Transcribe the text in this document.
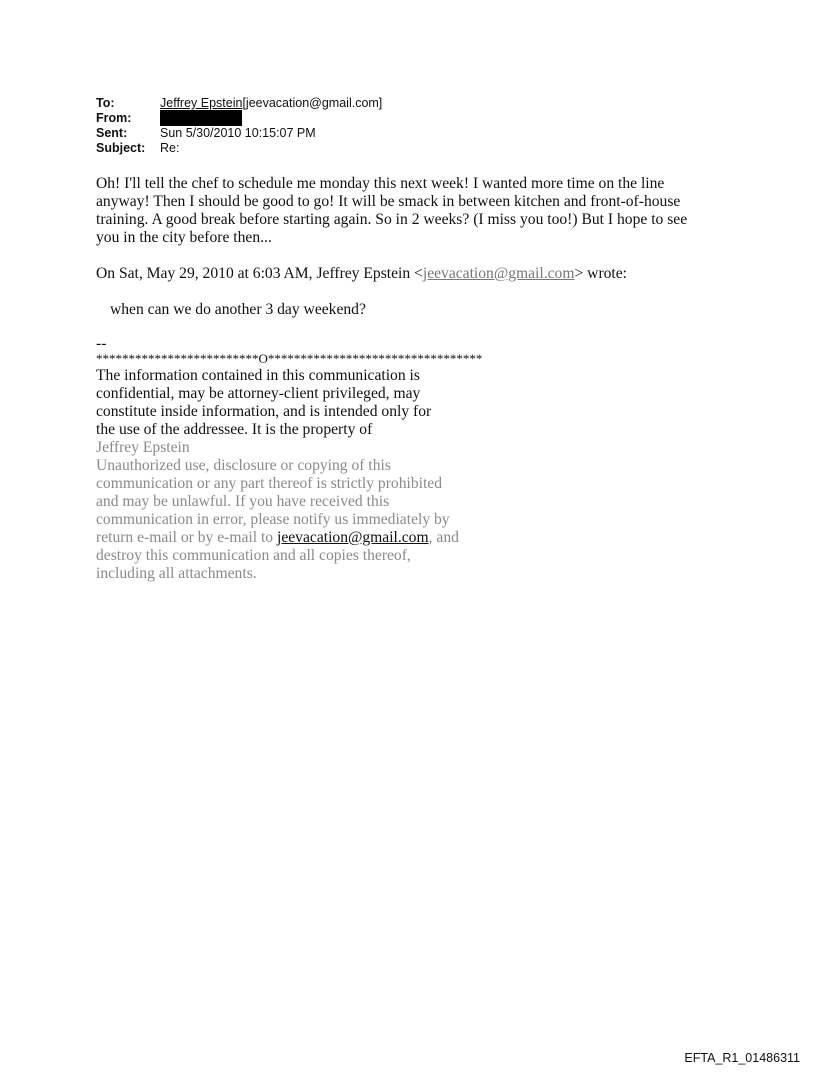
To:	Jeffrey Epstein[jeevacation@gmail.com]
From:
Sent:	Sun 5/30/2010 10:15:07 PM
Subject:	Re:

Oh! I'll tell the chef to schedule me monday this next week! I wanted more time on the line
anyway! Then I should be good to go! It will be smack in between kitchen and front-of-house
training. A good break before starting again. So in 2 weeks? (I miss you too!) But I hope to see
you in the city before then...

On Sat, May 29, 2010 at 6:03 AM, Jeffrey Epstein <jeevacation@gmail.com> wrote:

when can we do another 3 day weekend?

--

*************************O*********************************

The information contained in this communication is
confidential, may be attorney-client privileged, may
constitute inside information, and is intended only for
the use of the addressee. It is the property of
Jeffrey Epstein
Unauthorized use, disclosure or copying of this
communication or any part thereof is strictly prohibited
and may be unlawful. If you have received this
communication in error, please notify us immediately by
return e-mail or by e-mail to jeevacation@gmail.com, and
destroy this communication and all copies thereof,
including all attachments.
EFTA_R1_01486311
